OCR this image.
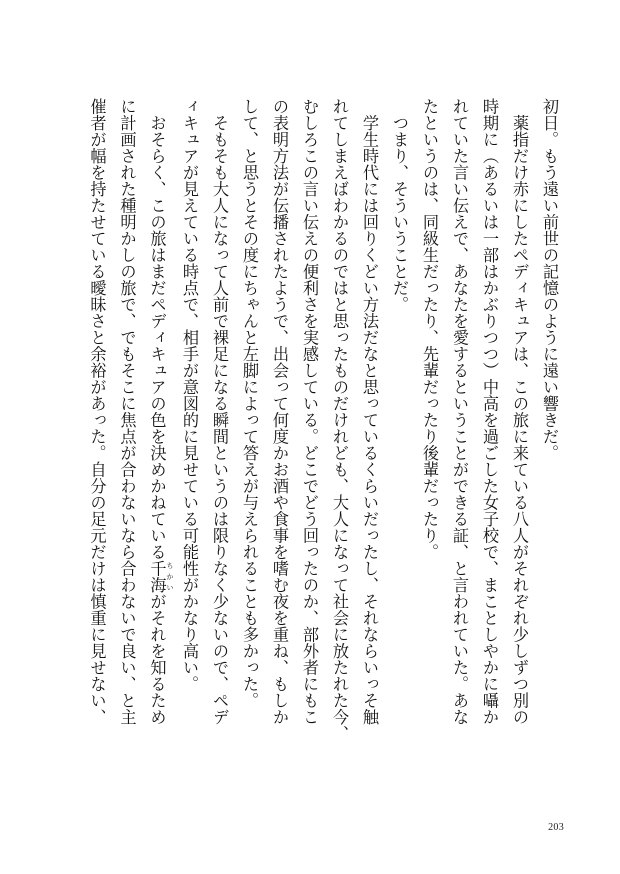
初日。もう遠い前世の記憶のように遠い響きだ。
　薬指だけ赤にしたペディキュアは、この旅に来ている八人がそれぞれ少しずつ別の
時期に（あるいは一部はかぶりつつ）中高を過ごした女子校で、まことしやかに囁か
れていた言い伝えで、あなたを愛するということができる証、と言われていた。あな
たというのは、同級生だったり、先輩だったり後輩だったり。
　つまり、そういうことだ。
　学生時代には回りくどい方法だなと思っているくらいだったし、それならいっそ触
れてしまえばわかるのではと思ったものだけれども、大人になって社会に放たれた今、
むしろこの言い伝えの便利さを実感している。どこでどう回ったのか、部外者にもこ
の表明方法が伝播されたようで、出会って何度かお酒や食事を嗜む夜を重ね、もしか
して、と思うとその度にちゃんと左脚によって答えが与えられることも多かった。
　そもそも大人になって人前で裸足になる瞬間というのは限りなく少ないので、ペデ
ィキュアが見えている時点で、相手が意図的に見せている可能性がかなり高い。
　おそらく、この旅はまだペディキュアの色を決めかねている千海 ちかいがそれを知るため
に計画された種明かしの旅で、でもそこに焦点が合わないなら合わないで良い、と主
催者が幅を持たせている曖昧さと余裕があった。自分の足元だけは慎重に見せない、
203
